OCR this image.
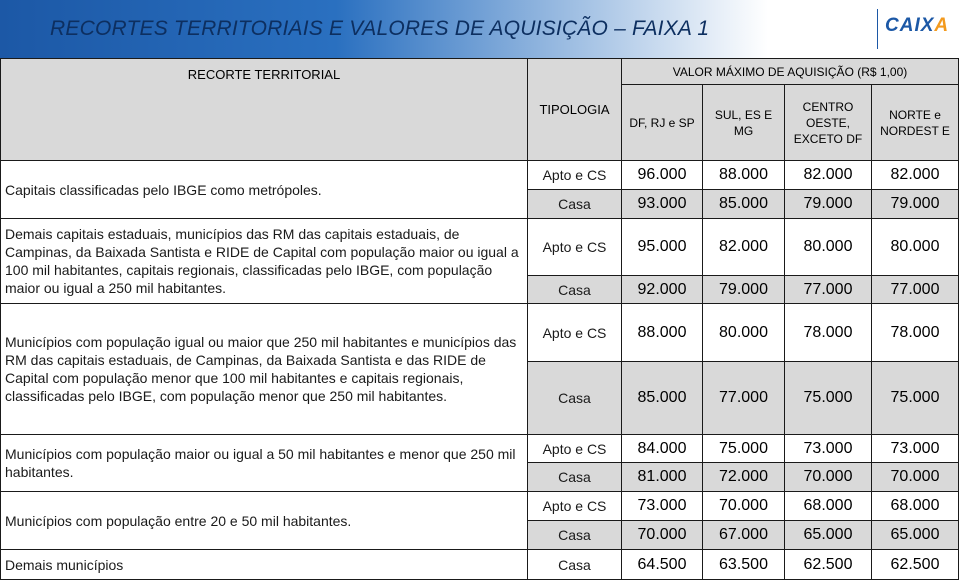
RECORTES TERRITORIAIS E VALORES DE AQUISIÇÃO – FAIXA 1	CAIXA
RECORTE TERRITORIAL	TIPOLOGIA	VALOR MÁXIMO DE AQUISIÇÃO (R$ 1,00)			
		DF, RJ e SP	SUL, ES E MG	CENTRO OESTE, EXCETO DF	NORTE e NORDEST E
Capitais classificadas pelo IBGE como metrópoles.	Apto e CS	96.000	88.000	82.000	82.000
	Casa	93.000	85.000	79.000	79.000
Demais capitais estaduais, municípios das RM das capitais estaduais, de Campinas, da Baixada Santista e RIDE de Capital com população maior ou igual a 100 mil habitantes, capitais regionais, classificadas pelo IBGE, com população maior ou igual a 250 mil habitantes.	Apto e CS	95.000	82.000	80.000	80.000
	Casa	92.000	79.000	77.000	77.000
Municípios com população igual ou maior que 250 mil habitantes e municípios das RM das capitais estaduais, de Campinas, da Baixada Santista e das RIDE de Capital com população menor que 100 mil habitantes e capitais regionais, classificadas pelo IBGE, com população menor que 250 mil habitantes.	Apto e CS	88.000	80.000	78.000	78.000
	Casa	85.000	77.000	75.000	75.000
Municípios com população maior ou igual a 50 mil habitantes e menor que 250 mil habitantes.	Apto e CS	84.000	75.000	73.000	73.000
	Casa	81.000	72.000	70.000	70.000
Municípios com população entre 20 e 50 mil habitantes.	Apto e CS	73.000	70.000	68.000	68.000
	Casa	70.000	67.000	65.000	65.000
Demais municípios	Casa	64.500	63.500	62.500	62.500
